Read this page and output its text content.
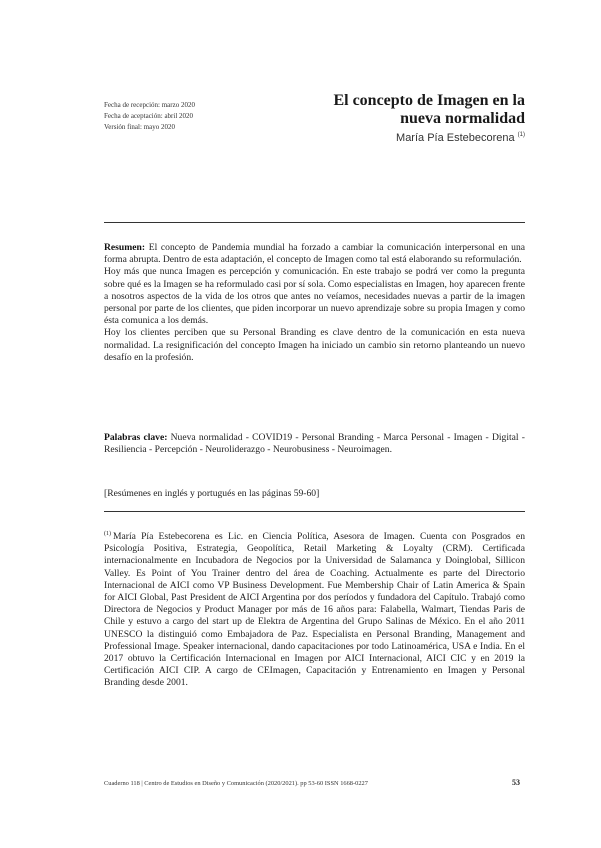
Fecha de recepción: marzo 2020
Fecha de aceptación: abril 2020
Versión final: mayo 2020
El concepto de Imagen en la
nueva normalidad
María Pía Estebecorena $^{(1)}$

Resumen: El concepto de Pandemia mundial ha forzado a cambiar la comunicación interpersonal en una forma abrupta. Dentro de esta adaptación, el concepto de Imagen como tal está elaborando su reformulación.

Hoy más que nunca Imagen es percepción y comunicación. En este trabajo se podrá ver como la pregunta sobre qué es la Imagen se ha reformulado casi por sí sola. Como especialistas en Imagen, hoy aparecen frente a nosotros aspectos de la vida de los otros que antes no veíamos, necesidades nuevas a partir de la imagen personal por parte de los clientes, que piden incorporar un nuevo aprendizaje sobre su propia Imagen y como ésta comunica a los demás.

Hoy los clientes perciben que su Personal Branding es clave dentro de la comunicación en esta nueva normalidad. La resignificación del concepto Imagen ha iniciado un cambio sin retorno planteando un nuevo desafío en la profesión.

Palabras clave: Nueva normalidad - COVID19 - Personal Branding - Marca Personal - Imagen - Digital - Resiliencia - Percepción - Neuroliderazgo - Neurobusiness - Neuroimagen.

[Resúmenes en inglés y portugués en las páginas 59-60]
$^{(1)}$ María Pía Estebecorena es Lic. en Ciencia Política, Asesora de Imagen. Cuenta con Posgrados en Psicología Positiva, Estrategia, Geopolítica, Retail Marketing & Loyalty (CRM). Certificada internacionalmente en Incubadora de Negocios por la Universidad de Salamanca y Doinglobal, Sillicon Valley. Es Point of You Trainer dentro del área de Coaching. Actualmente es parte del Directorio Internacional de AICI como VP Business Development. Fue Membership Chair of Latin America & Spain for AICI Global, Past President de AICI Argentina por dos períodos y fundadora del Capítulo. Trabajó como Directora de Negocios y Product Manager por más de 16 años para: Falabella, Walmart, Tiendas Paris de Chile y estuvo a cargo del start up de Elektra de Argentina del Grupo Salinas de México. En el año 2011 UNESCO la distinguió como Embajadora de Paz. Especialista en Personal Branding, Management and Professional Image. Speaker internacional, dando capacitaciones por todo Latinoamérica, USA e India. En el 2017 obtuvo la Certificación Internacional en Imagen por AICI Internacional, AICI CIC y en 2019 la Certificación AICI CIP. A cargo de CEImagen, Capacitación y Entrenamiento en Imagen y Personal Branding desde 2001.
Cuaderno 118 | Centro de Estudios en Diseño y Comunicación (2020/2021). pp 53-60 ISSN 1668-0227	53
